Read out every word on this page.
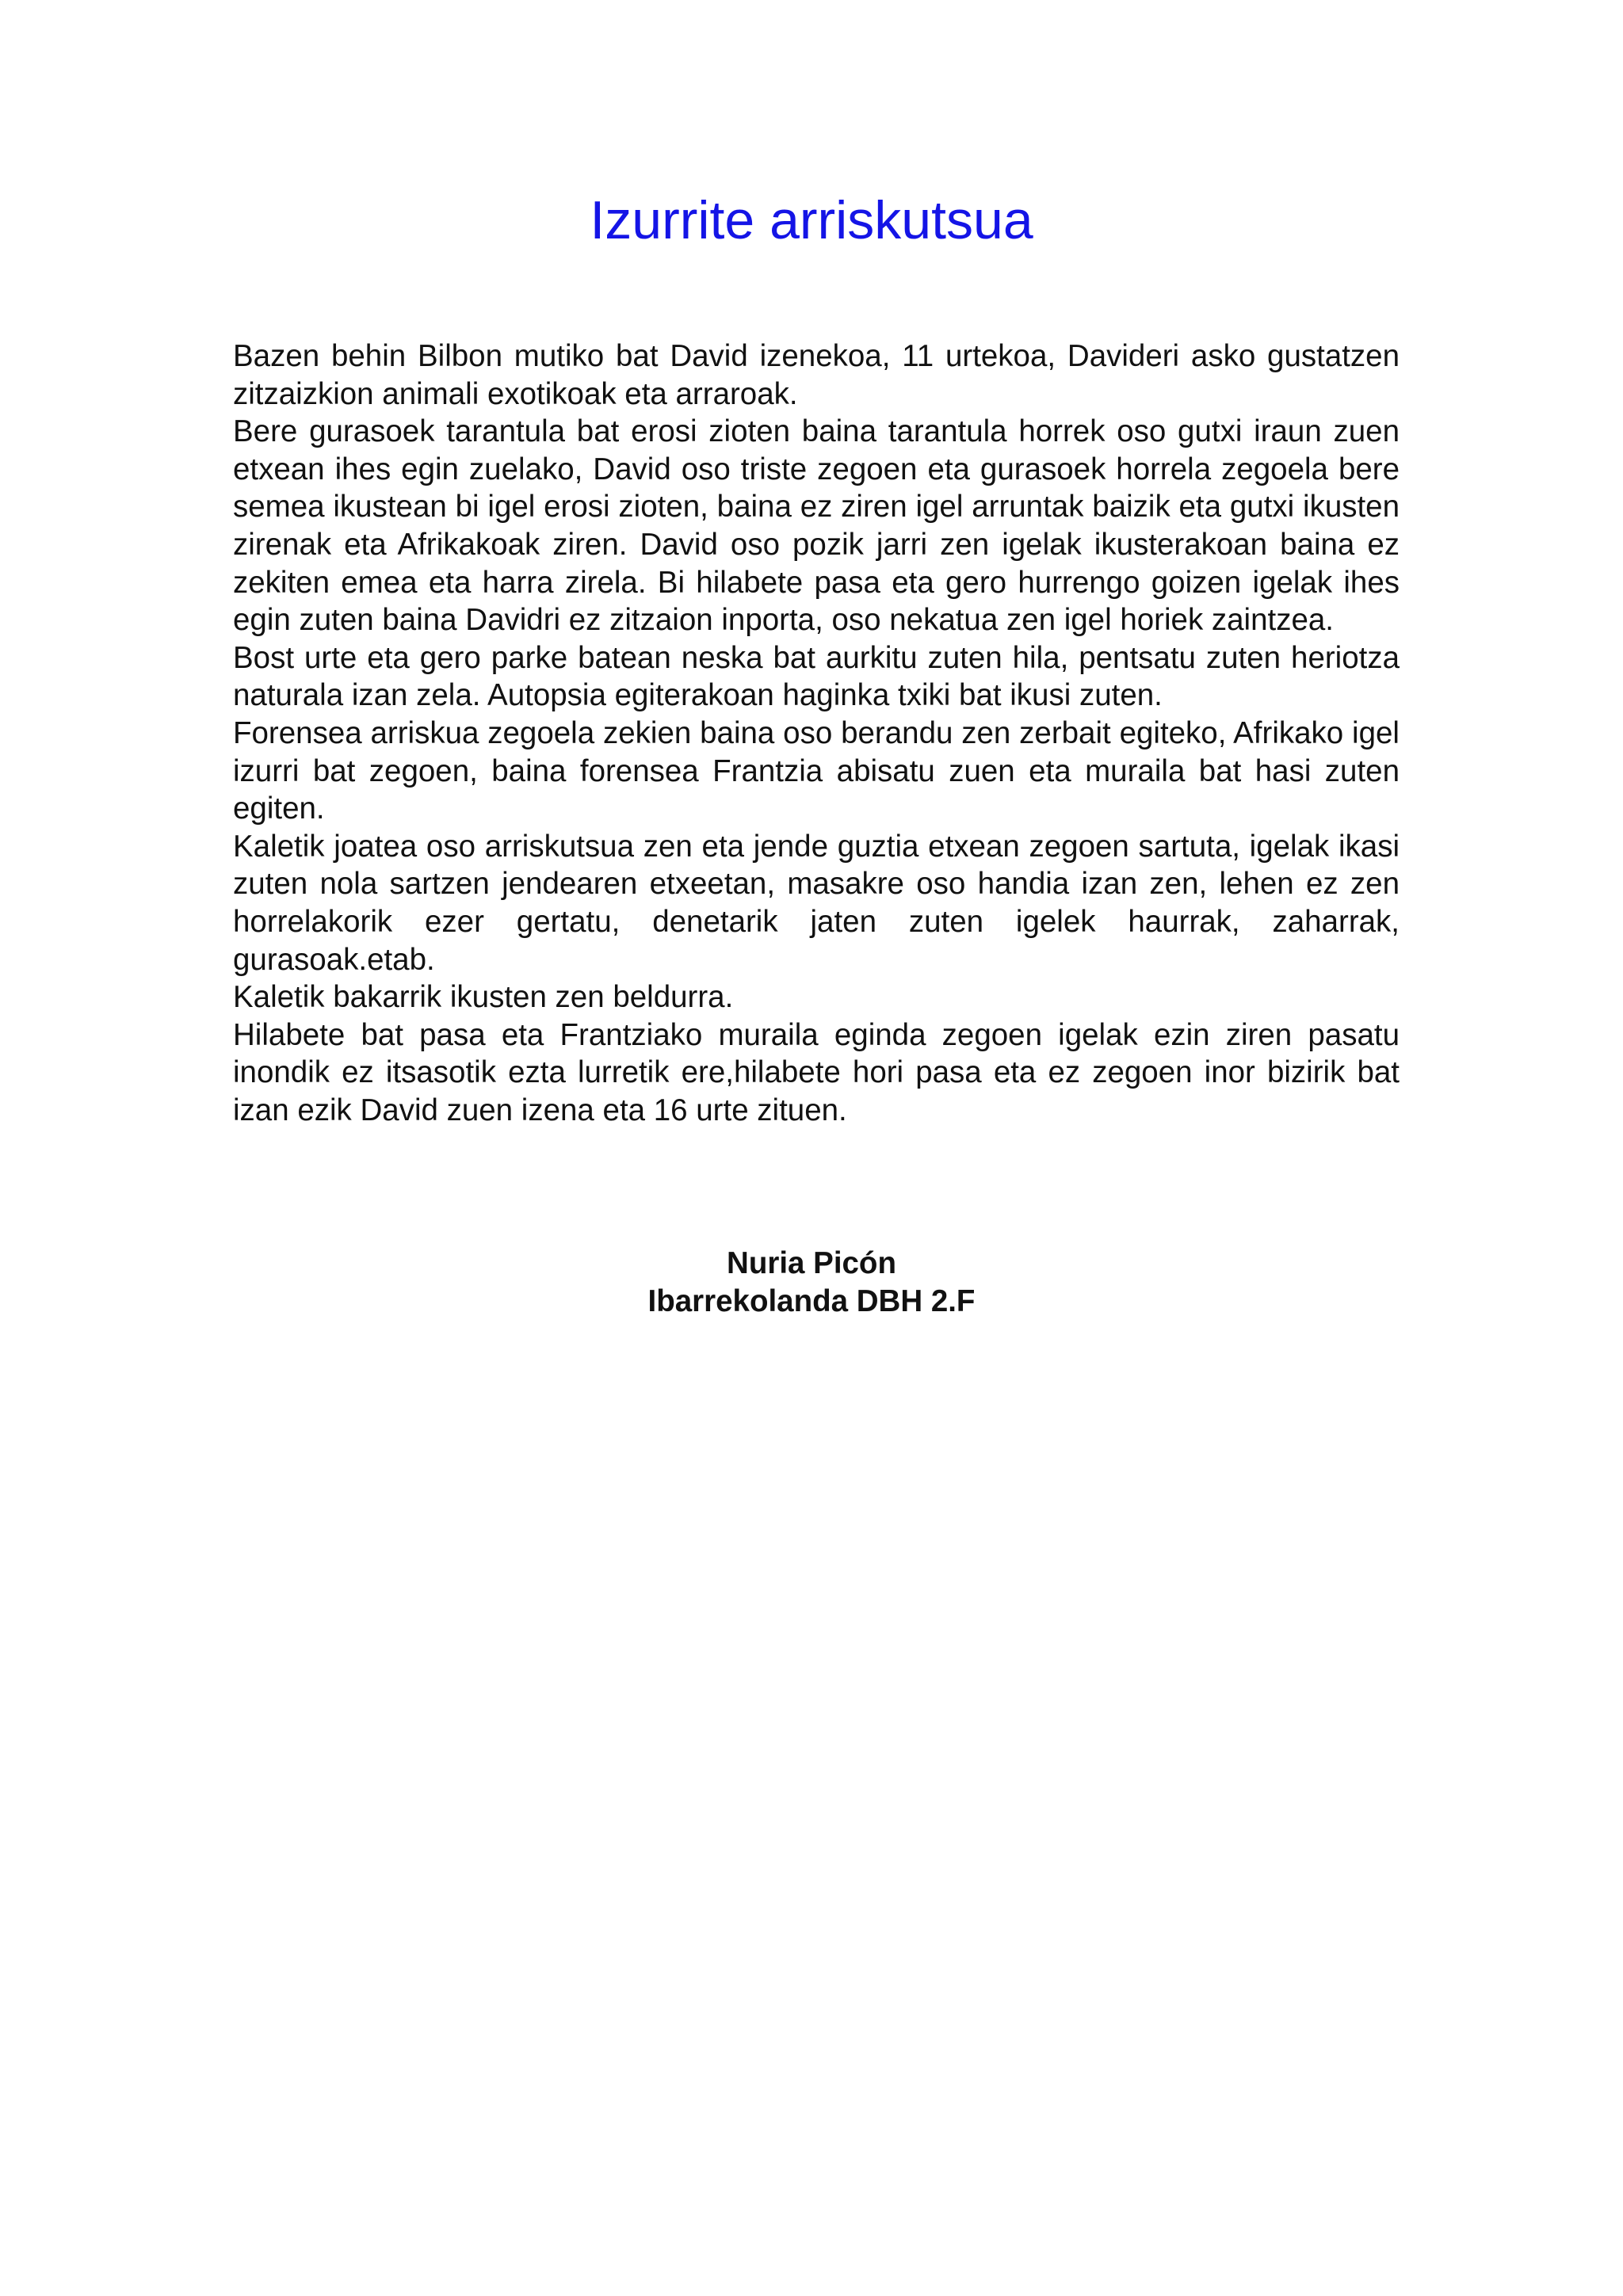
Izurrite arriskutsua

Bazen behin Bilbon mutiko bat David izenekoa, 11 urtekoa, Davideri asko gustatzen zitzaizkion animali exotikoak eta arraroak.

Bere gurasoek tarantula bat erosi zioten baina tarantula horrek oso gutxi iraun zuen etxean ihes egin zuelako, David oso triste zegoen eta gurasoek horrela zegoela bere semea ikustean bi igel erosi zioten, baina ez ziren igel arruntak baizik eta gutxi ikusten zirenak eta Afrikakoak ziren. David oso pozik jarri zen igelak ikusterakoan baina ez zekiten emea eta harra zirela. Bi hilabete pasa eta gero hurrengo goizen igelak ihes egin zuten baina Davidri ez zitzaion inporta, oso nekatua zen igel horiek zaintzea.

Bost urte eta gero parke batean neska bat aurkitu zuten hila, pentsatu zuten heriotza naturala izan zela. Autopsia egiterakoan haginka txiki bat ikusi zuten.

Forensea arriskua zegoela zekien baina oso berandu zen zerbait egiteko, Afrikako igel izurri bat zegoen, baina forensea Frantzia abisatu zuen eta muraila bat hasi zuten egiten.

Kaletik joatea oso arriskutsua zen eta jende guztia etxean zegoen sartuta, igelak ikasi zuten nola sartzen jendearen etxeetan, masakre oso handia izan zen, lehen ez zen horrelakorik ezer gertatu, denetarik jaten zuten igelek haurrak, zaharrak, gurasoak.etab.

Kaletik bakarrik ikusten zen beldurra.

Hilabete bat pasa eta Frantziako muraila eginda zegoen igelak ezin ziren pasatu inondik ez itsasotik ezta lurretik ere,hilabete hori pasa eta ez zegoen inor bizirik bat izan ezik David zuen izena eta 16 urte zituen.

Nuria Picón
Ibarrekolanda DBH 2.F
